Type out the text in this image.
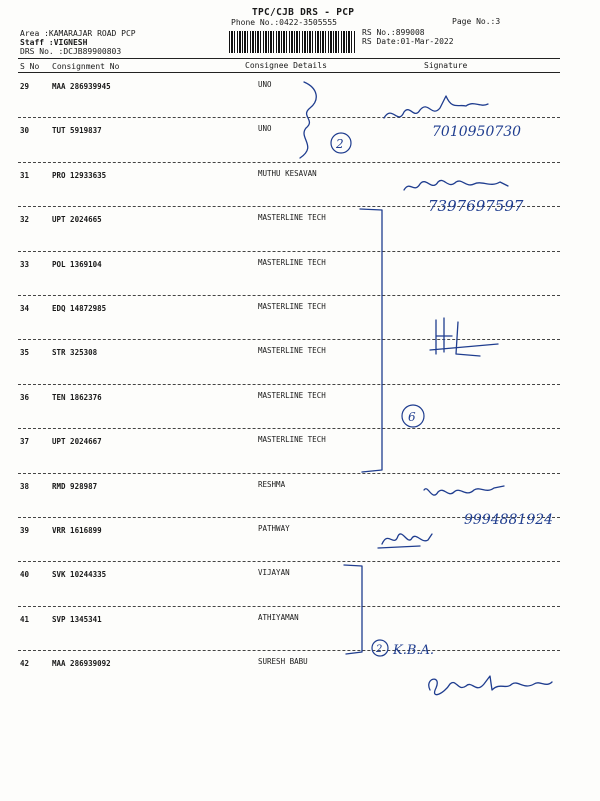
TPC/CJB DRS - PCP
Phone No.:0422-3505555	Page No.:3
Area :KAMARAJAR ROAD PCP
Staff :VIGNESH
DRS No. :DCJB89900803
RS No.:899008
RS Date:01-Mar-2022
S No Consignment No	Consignee Details	Signature
29	MAA 286939945	UNO
30	TUT 5919837	UNO
31	PRO 12933635	MUTHU KESAVAN
32	UPT 2024665	MASTERLINE TECH
33	POL 1369104	MASTERLINE TECH
34	EDQ 14872985	MASTERLINE TECH
35	STR 325308	MASTERLINE TECH
36	TEN 1862376	MASTERLINE TECH
37	UPT 2024667	MASTERLINE TECH
38	RMD 928987	RESHMA
39	VRR 1616899	PATHWAY
40	SVK 10244335	VIJAYAN
41	SVP 1345341	ATHIYAMAN
42	MAA 286939092	SURESH BABU
2
7010950730
7397697597
6
9994881924
2 K.B.A.
